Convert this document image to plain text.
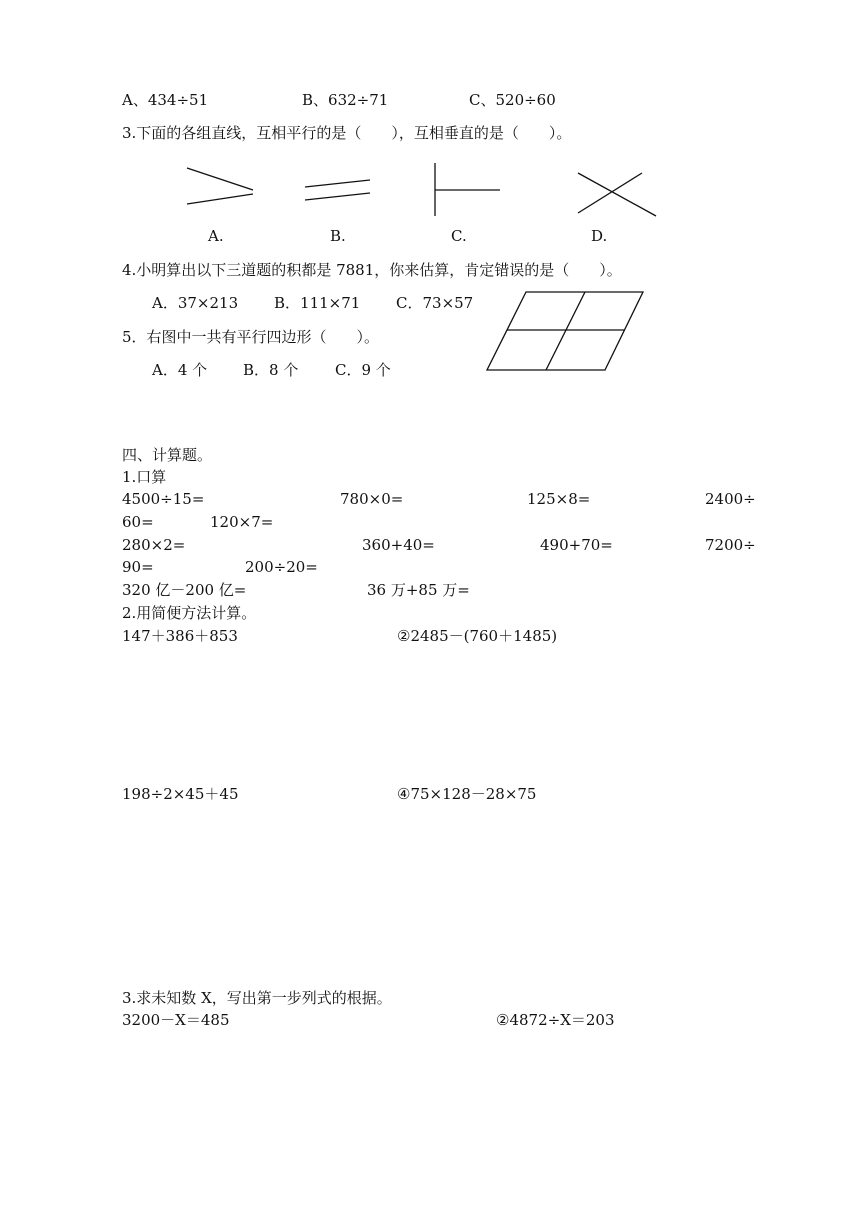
A、434÷51	B、632÷71	C、520÷60
3.下面的各组直线，互相平行的是（　　），互相垂直的是（　　）。
A.	B.	C.	D.
4.小明算出以下三道题的积都是 7881，你来估算，肯定错误的是（　　）。
A．37×213 B．111×71 C．73×57
5．右图中一共有平行四边形（　　）。
A．4 个 B．8 个 C．9 个
四、计算题。
1.口算
4500÷15=	780×0=	125×8=	2400÷
60=	120×7=
280×2=	360+40=	490+70=	7200÷
90=	200÷20=
320 亿－200 亿=	36 万+85 万=
2.用简便方法计算。
147＋386＋853	②2485－(760＋1485)
198÷2×45＋45	④75×128－28×75
3.求未知数 X，写出第一步列式的根据。
3200－X＝485	②4872÷X＝203
